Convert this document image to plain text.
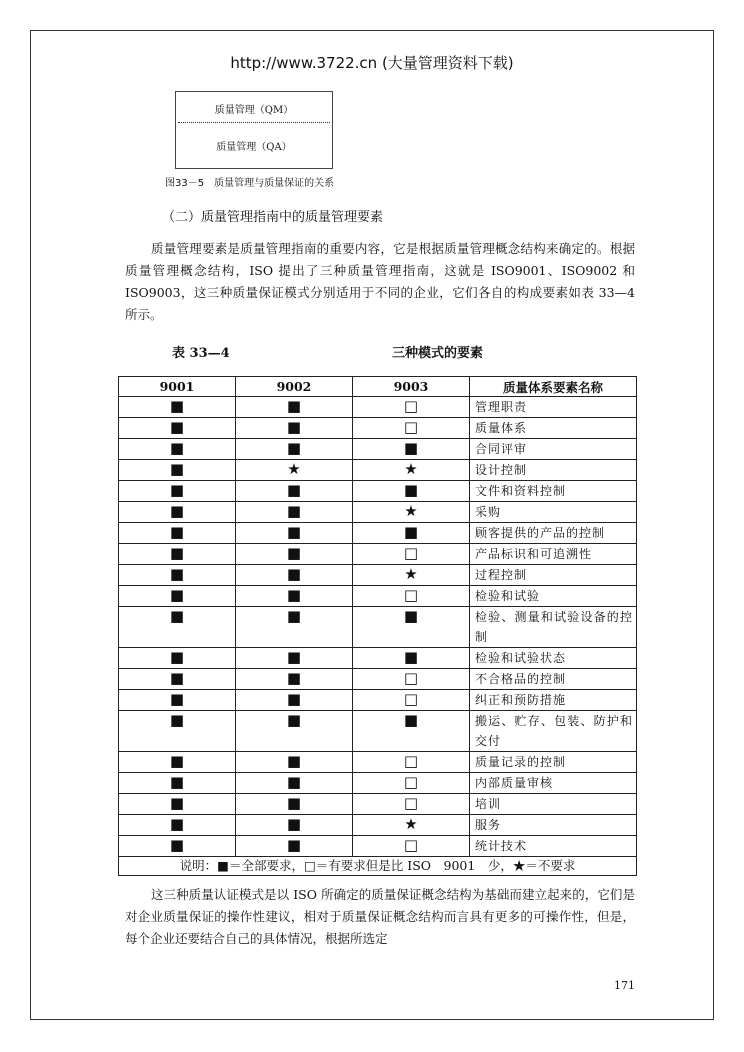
http://www.3722.cn (大量管理资料下载)
质量管理（QM）
质量管理（QA）
图33－5　质量管理与质量保证的关系
（二）质量管理指南中的质量管理要素
质量管理要素是质量管理指南的重要内容，它是根据质量管理概念结构来确定的。根据质量管理概念结构，ISO 提出了三种质量管理指南，这就是 ISO9001、ISO9002 和 ISO9003，这三种质量保证模式分别适用于不同的企业，它们各自的构成要素如表 33—4 所示。
表 33—4	三种模式的要素
9001	9002	9003	质量体系要素名称
■	■	□	管理职责
■	■	□	质量体系
■	■	■	合同评审
■	★	★	设计控制
■	■	■	文件和资料控制
■	■	★	采购
■	■	■	顾客提供的产品的控制
■	■	□	产品标识和可追溯性
■	■	★	过程控制
■	■	□	检验和试验
■	■	■	检验、测量和试验设备的控制
■	■	■	检验和试验状态
■	■	□	不合格品的控制
■	■	□	纠正和预防措施
■	■	■	搬运、贮存、包装、防护和交付
■	■	□	质量记录的控制
■	■	□	内部质量审核
■	■	□	培训
■	■	★	服务
■	■	□	统计技术
说明：■＝全部要求，□＝有要求但是比 ISO　9001　少，★＝不要求			
这三种质量认证模式是以 ISO 所确定的质量保证概念结构为基础而建立起来的，它们是对企业质量保证的操作性建议，相对于质量保证概念结构而言具有更多的可操作性，但是，每个企业还要结合自己的具体情况，根据所选定
171
